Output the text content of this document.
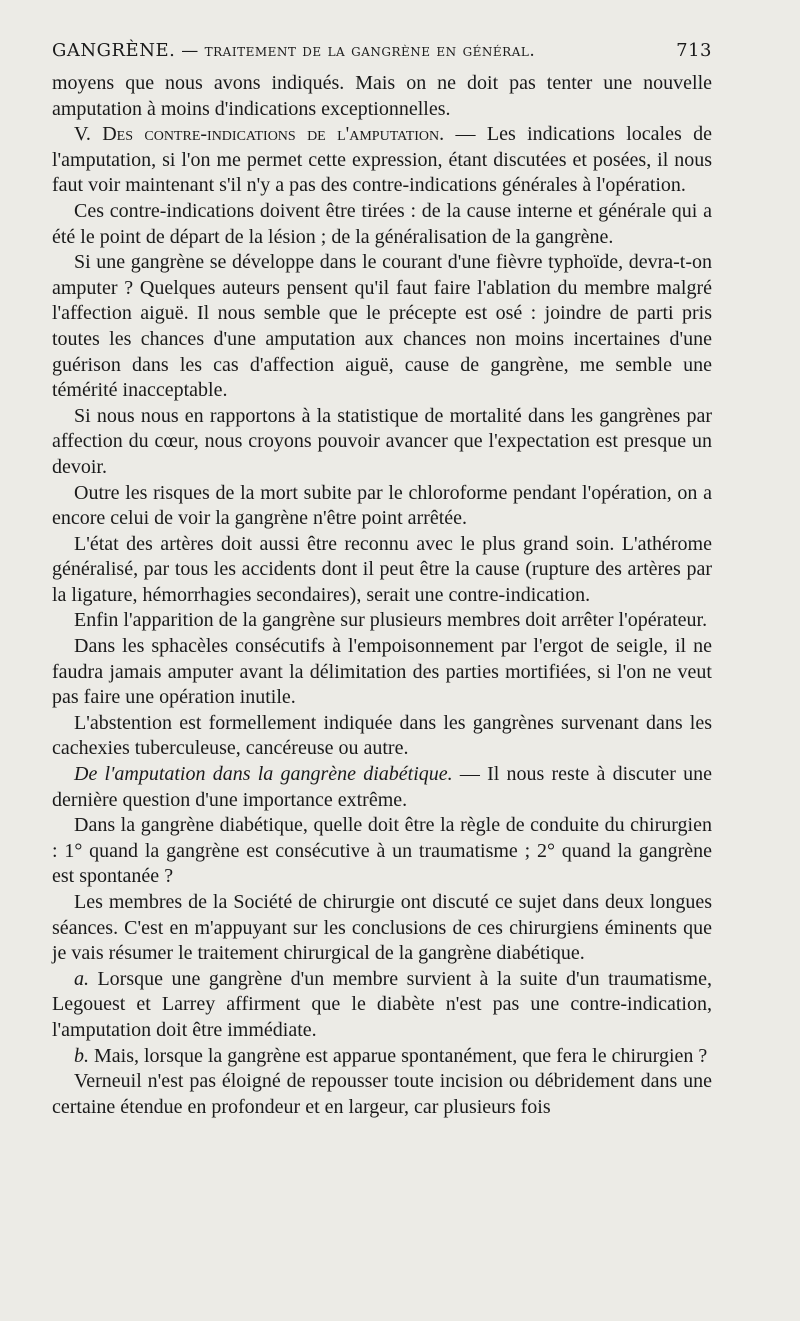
GANGRÈNE. — traitement de la gangrène en général.	713

moyens que nous avons indiqués. Mais on ne doit pas tenter une nouvelle amputation à moins d'indications exceptionnelles.

V. Des contre-indications de l'amputation. — Les indications locales de l'amputation, si l'on me permet cette expression, étant discutées et posées, il nous faut voir maintenant s'il n'y a pas des contre-indications générales à l'opération.

Ces contre-indications doivent être tirées : de la cause interne et générale qui a été le point de départ de la lésion ; de la généralisation de la gangrène.

Si une gangrène se développe dans le courant d'une fièvre typhoïde, devra-t-on amputer ? Quelques auteurs pensent qu'il faut faire l'ablation du membre malgré l'affection aiguë. Il nous semble que le précepte est osé : joindre de parti pris toutes les chances d'une amputation aux chances non moins incertaines d'une guérison dans les cas d'affection aiguë, cause de gangrène, me semble une témérité inacceptable.

Si nous nous en rapportons à la statistique de mortalité dans les gangrènes par affection du cœur, nous croyons pouvoir avancer que l'expectation est presque un devoir.

Outre les risques de la mort subite par le chloroforme pendant l'opération, on a encore celui de voir la gangrène n'être point arrêtée.

L'état des artères doit aussi être reconnu avec le plus grand soin. L'athérome généralisé, par tous les accidents dont il peut être la cause (rupture des artères par la ligature, hémorrhagies secondaires), serait une contre-indication.

Enfin l'apparition de la gangrène sur plusieurs membres doit arrêter l'opérateur.

Dans les sphacèles consécutifs à l'empoisonnement par l'ergot de seigle, il ne faudra jamais amputer avant la délimitation des parties mortifiées, si l'on ne veut pas faire une opération inutile.

L'abstention est formellement indiquée dans les gangrènes survenant dans les cachexies tuberculeuse, cancéreuse ou autre.

De l'amputation dans la gangrène diabétique. — Il nous reste à discuter une dernière question d'une importance extrême.

Dans la gangrène diabétique, quelle doit être la règle de conduite du chirurgien : 1° quand la gangrène est consécutive à un traumatisme ; 2° quand la gangrène est spontanée ?

Les membres de la Société de chirurgie ont discuté ce sujet dans deux longues séances. C'est en m'appuyant sur les conclusions de ces chirurgiens éminents que je vais résumer le traitement chirurgical de la gangrène diabétique.

a. Lorsque une gangrène d'un membre survient à la suite d'un traumatisme, Legouest et Larrey affirment que le diabète n'est pas une contre-indication, l'amputation doit être immédiate.

b. Mais, lorsque la gangrène est apparue spontanément, que fera le chirurgien ?

Verneuil n'est pas éloigné de repousser toute incision ou débridement dans une certaine étendue en profondeur et en largeur, car plusieurs fois
